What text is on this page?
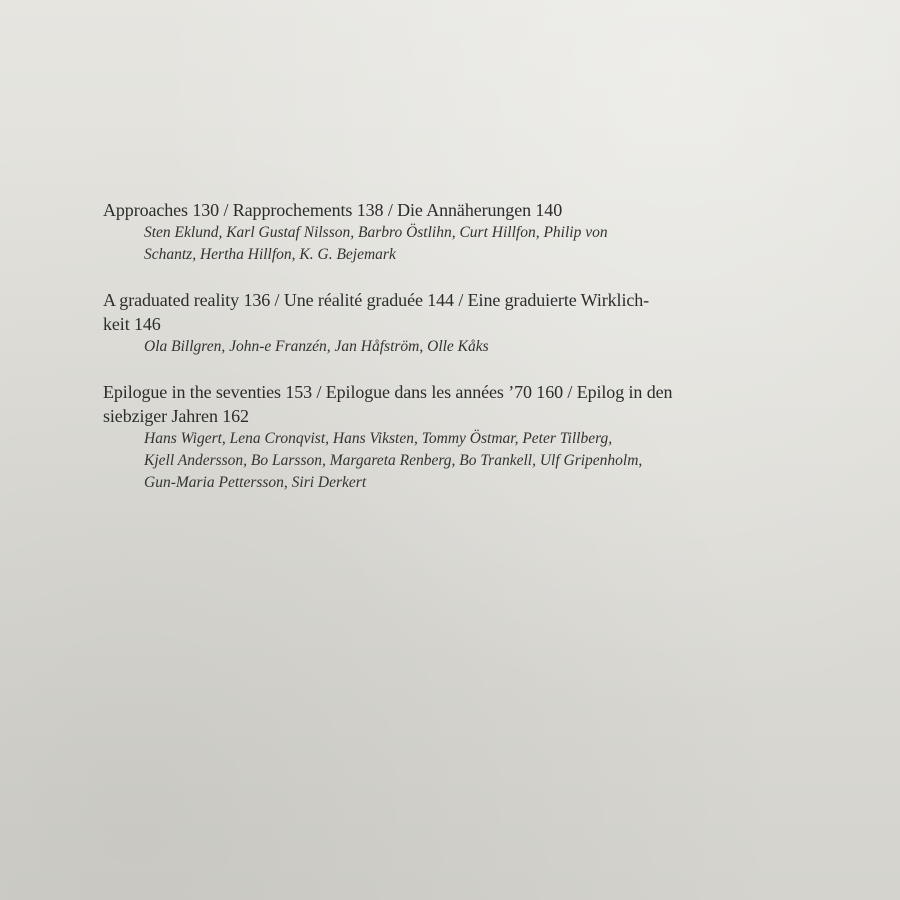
Approaches 130 / Rapprochements 138 / Die Annäherungen 140

Sten Eklund, Karl Gustaf Nilsson, Barbro Östlihn, Curt Hillfon, Philip von
Schantz, Hertha Hillfon, K. G. Bejemark

A graduated reality 136 / Une réalité graduée 144 / Eine graduierte Wirklich-
keit 146

Ola Billgren, John-e Franzén, Jan Håfström, Olle Kåks

Epilogue in the seventies 153 / Epilogue dans les années ’70 160 / Epilog in den
siebziger Jahren 162

Hans Wigert, Lena Cronqvist, Hans Viksten, Tommy Östmar, Peter Tillberg,
Kjell Andersson, Bo Larsson, Margareta Renberg, Bo Trankell, Ulf Gripenholm,
Gun-Maria Pettersson, Siri Derkert
